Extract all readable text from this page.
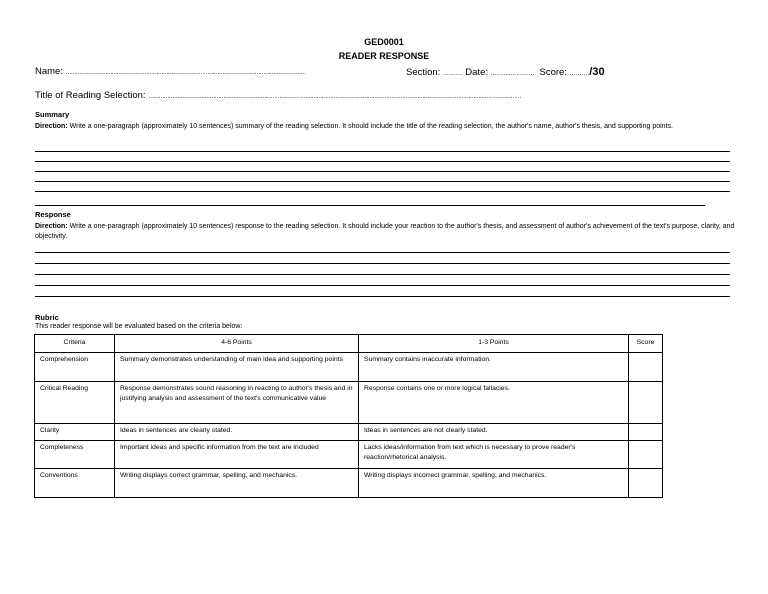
GED0001
READER RESPONSE
Name: ……………………………………………………………………………………………………………………………	Section: ………. Date: …………………… Score: ………./30
Title of Reading Selection: …………………………………………………………………………………………………………………………………………………………………………………………………
Summary
Direction: Write a one-paragraph (approximately 10 sentences) summary of the reading selection. It should include the title of the reading selection, the author's name, author's thesis, and supporting points.
Response
Direction: Write a one-paragraph (approximately 10 sentences) response to the reading selection. It should include your reaction to the author's thesis, and assessment of author's achievement of the text's purpose, clarity, and objectivity.
Rubric
This reader response will be evaluated based on the criteria below:
Criteria	4-6 Points	1-3 Points	Score
Comprehension	Summary demonstrates understanding of main idea and supporting points	Summary contains inaccurate information.	
Critical Reading	Response demonstrates sound reasoning in reacting to author's thesis and in justifying analysis and assessment of the text's communicative value	Response contains one or more logical fallacies.	
Clarity	Ideas in sentences are clearly stated.	Ideas in sentences are not clearly stated.	
Completeness	Important ideas and specific information from the text are included	Lacks ideas/information from text which is necessary to prove reader's reaction/rhetorical analysis.	
Conventions	Writing displays correct grammar, spelling, and mechanics.	Writing displays incorrect grammar, spelling, and mechanics.	
